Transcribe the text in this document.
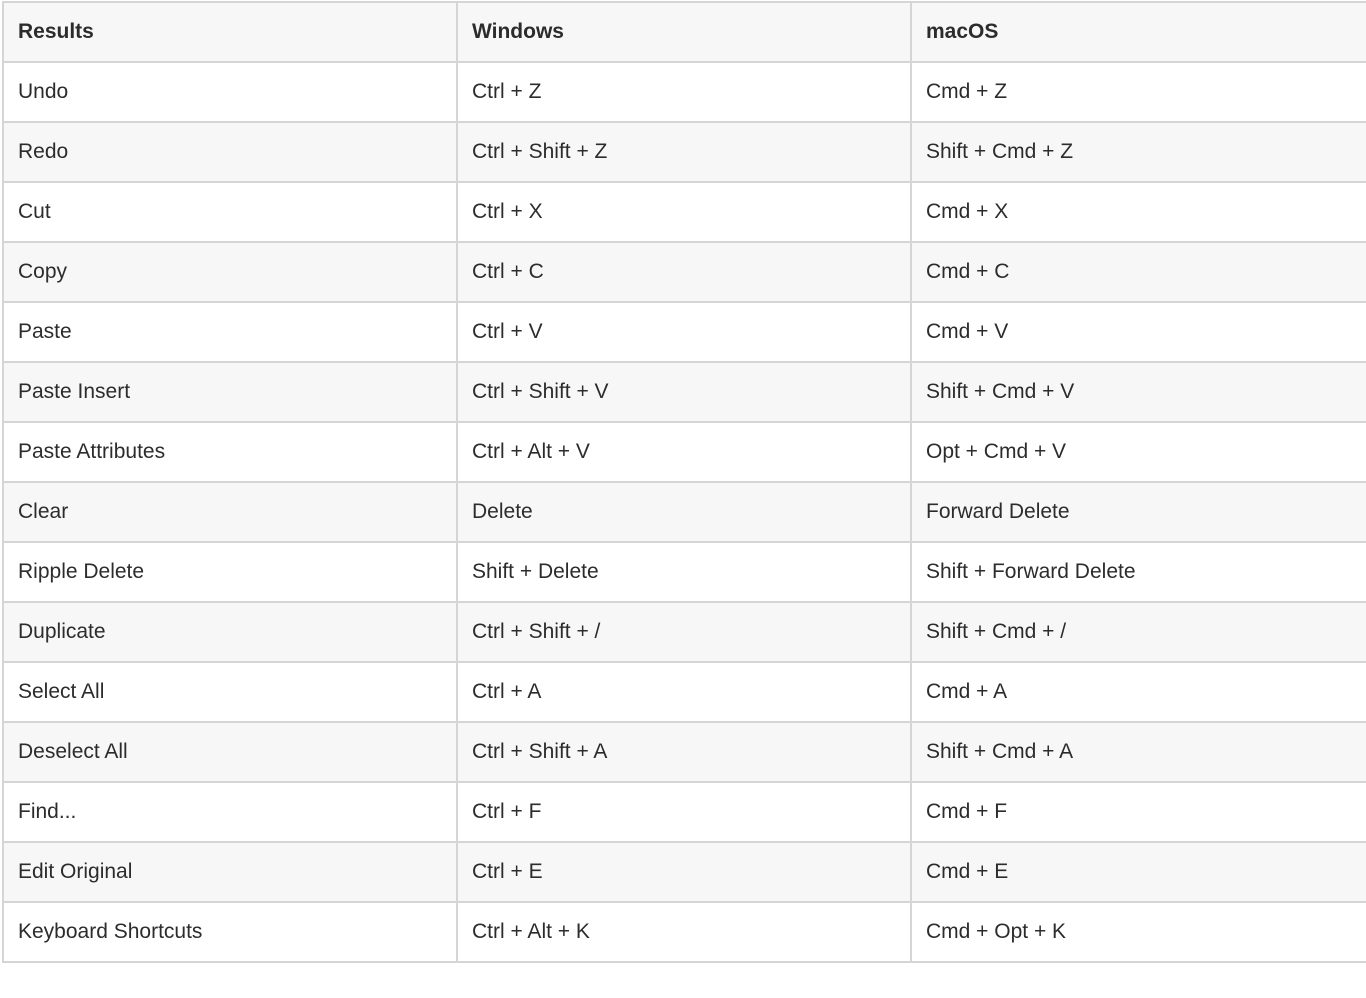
Results	Windows	macOS
Undo	Ctrl + Z	Cmd + Z
Redo	Ctrl + Shift + Z	Shift + Cmd + Z
Cut	Ctrl + X	Cmd + X
Copy	Ctrl + C	Cmd + C
Paste	Ctrl + V	Cmd + V
Paste Insert	Ctrl + Shift + V	Shift + Cmd + V
Paste Attributes	Ctrl + Alt + V	Opt + Cmd + V
Clear	Delete	Forward Delete
Ripple Delete	Shift + Delete	Shift + Forward Delete
Duplicate	Ctrl + Shift + /	Shift + Cmd + /
Select All	Ctrl + A	Cmd + A
Deselect All	Ctrl + Shift + A	Shift + Cmd + A
Find...	Ctrl + F	Cmd + F
Edit Original	Ctrl + E	Cmd + E
Keyboard Shortcuts	Ctrl + Alt + K	Cmd + Opt + K
